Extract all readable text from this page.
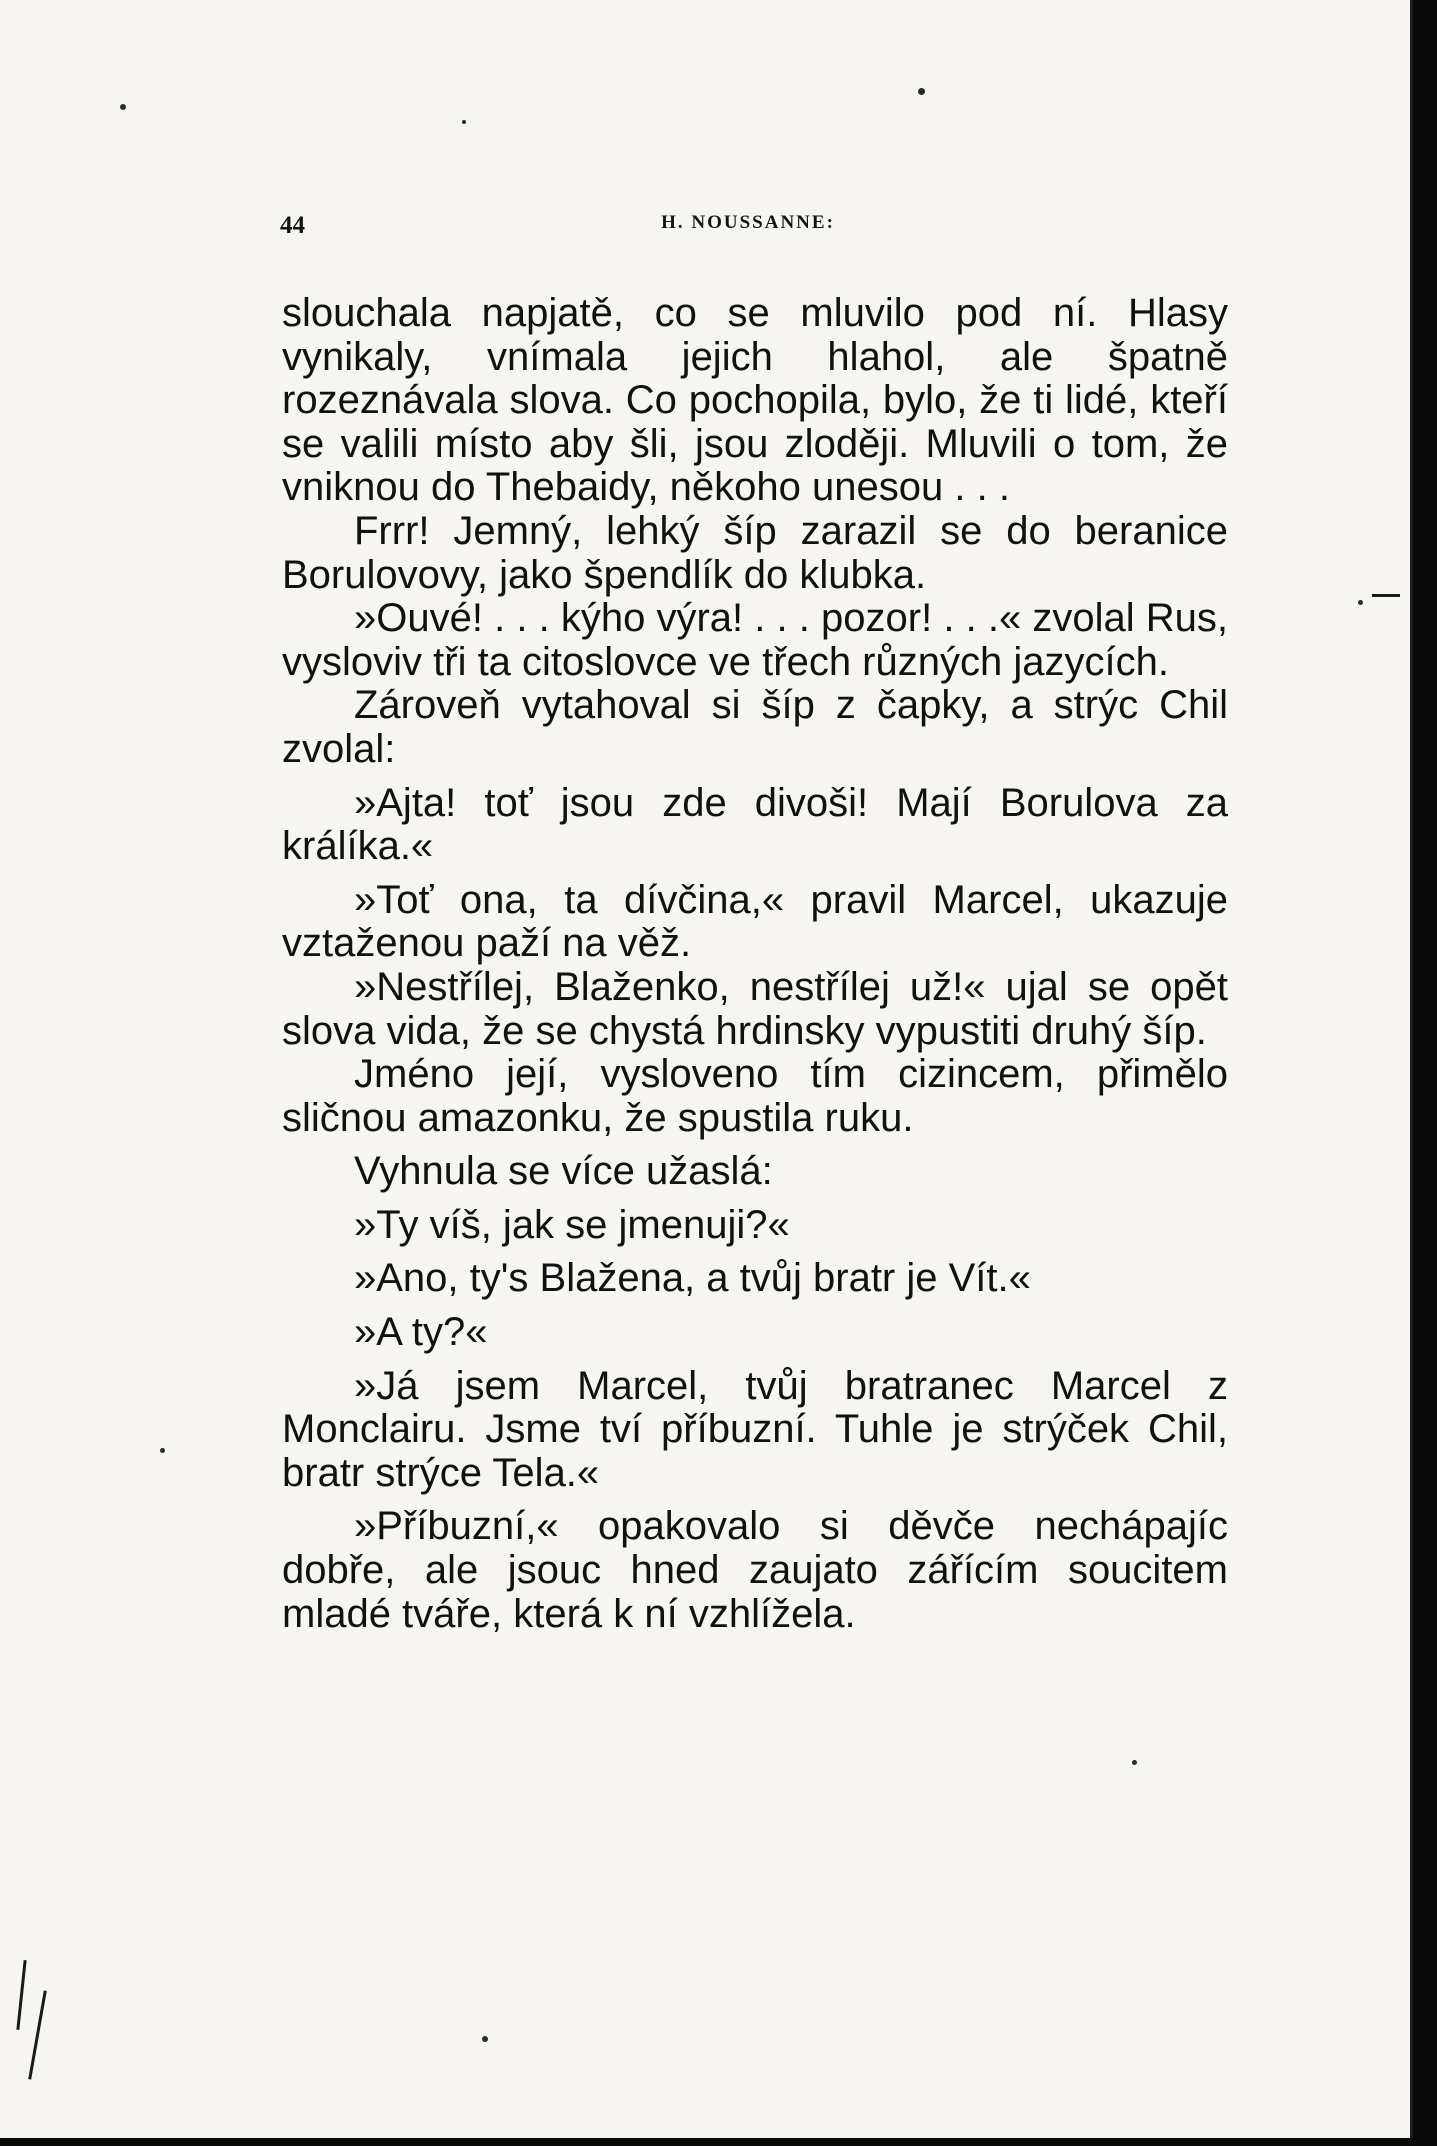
44	H. NOUSSANNE:

slouchala napjatě, co se mluvilo pod ní. Hlasy vynikaly, vnímala jejich hlahol, ale špatně rozeznávala slova. Co pochopila, bylo, že ti lidé, kteří se valili místo aby šli, jsou zloději. Mluvili o tom, že vniknou do Thebaidy, někoho unesou . . .

Frrr! Jemný, lehký šíp zarazil se do beranice Borulovovy, jako špendlík do klubka.

»Ouvé! . . . kýho výra! . . . pozor! . . .« zvolal Rus, vysloviv tři ta citoslovce ve třech různých jazycích.

Zároveň vytahoval si šíp z čapky, a strýc Chil zvolal:

»Ajta! toť jsou zde divoši! Mají Borulova za králíka.«

»Toť ona, ta dívčina,« pravil Marcel, ukazuje vztaženou paží na věž.

»Nestřílej, Blaženko, nestřílej už!« ujal se opět slova vida, že se chystá hrdinsky vypustiti druhý šíp.

Jméno její, vysloveno tím cizincem, přimělo sličnou amazonku, že spustila ruku.

Vyhnula se více užaslá:

»Ty víš, jak se jmenuji?«

»Ano, ty's Blažena, a tvůj bratr je Vít.«

»A ty?«

»Já jsem Marcel, tvůj bratranec Marcel z Monclairu. Jsme tví příbuzní. Tuhle je strýček Chil, bratr strýce Tela.«

»Příbuzní,« opakovalo si děvče nechápajíc dobře, ale jsouc hned zaujato zářícím soucitem mladé tváře, která k ní vzhlížela.
